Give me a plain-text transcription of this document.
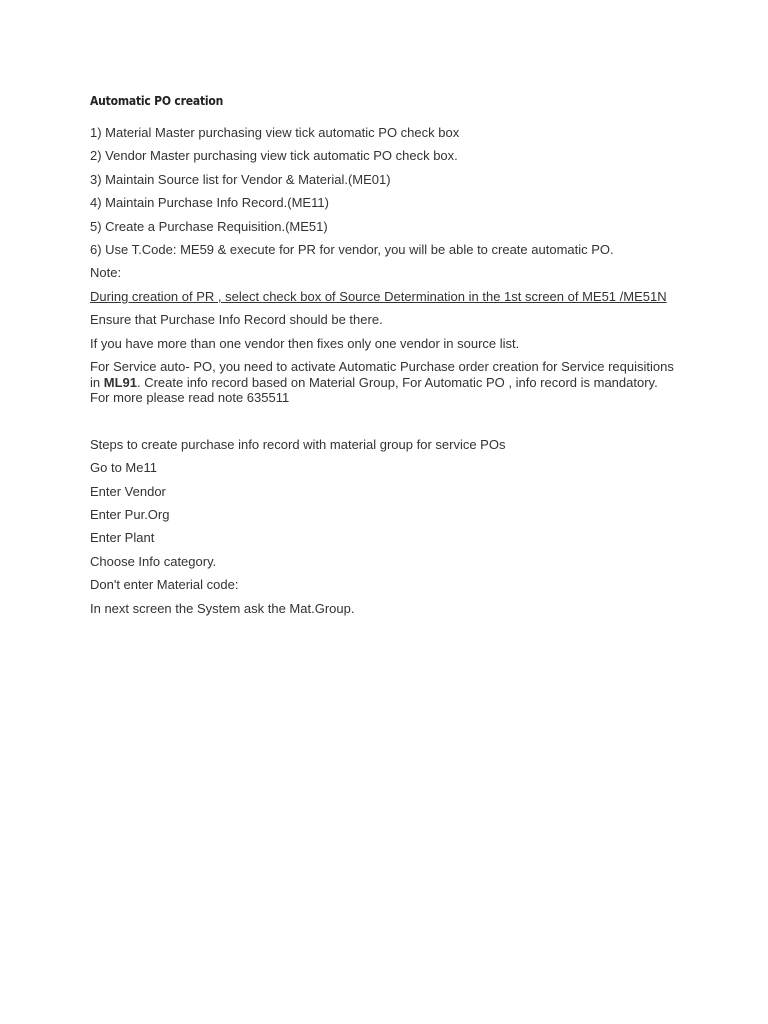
Automatic PO creation
1) Material Master purchasing view tick automatic PO check box
2) Vendor Master purchasing view tick automatic PO check box.
3) Maintain Source list for Vendor & Material.(ME01)
4) Maintain Purchase Info Record.(ME11)
5) Create a Purchase Requisition.(ME51)
6) Use T.Code: ME59 & execute for PR for vendor, you will be able to create automatic PO.
Note:
During creation of PR , select check box of Source Determination in the 1st screen of ME51 /ME51N
Ensure that Purchase Info Record should be there.
If you have more than one vendor then fixes only one vendor in source list.
For Service auto- PO, you need to activate Automatic Purchase order creation for Service requisitions in ML91. Create info record based on Material Group, For Automatic PO , info record is mandatory. For more please read note 635511
Steps to create purchase info record with material group for service POs
Go to Me11
Enter Vendor
Enter Pur.Org
Enter Plant
Choose Info category.
Don't enter Material code:
In next screen the System ask the Mat.Group.
